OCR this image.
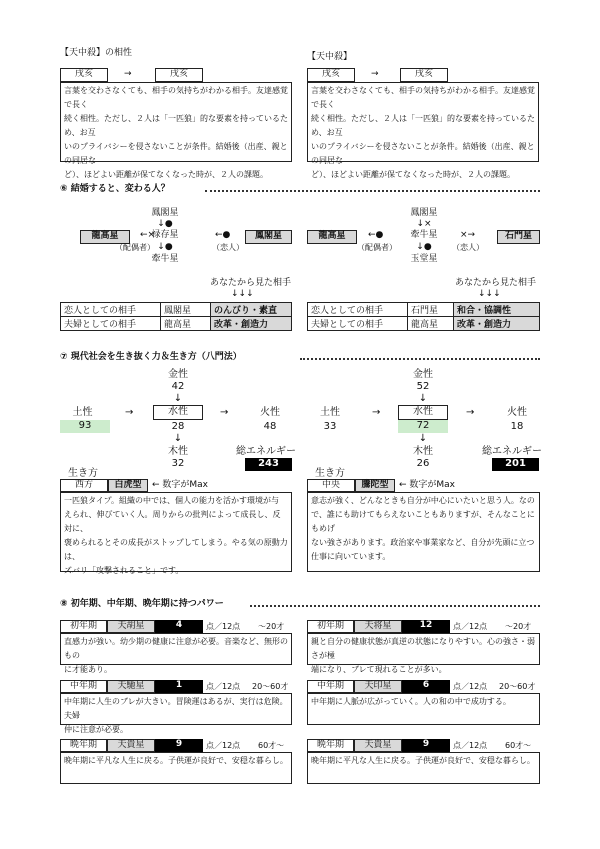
【天中殺】の相性
戌亥	→	戌亥
言葉を交わさなくても、相手の気持ちがわかる相手。友達感覚で長く
続く相性。ただし、２人は「一匹狼」的な要素を持っているため、お互
いのプライバシーを侵さないことが条件。結婚後（出産、親との同居な
ど）、ほどよい距離が保てなくなった時が、２人の課題。
【天中殺】
戌亥	→	戌亥
言葉を交わさなくても、相手の気持ちがわかる相手。友達感覚で長く
続く相性。ただし、２人は「一匹狼」的な要素を持っているため、お互
いのプライバシーを侵さないことが条件。結婚後（出産、親との同居な
ど）、ほどよい距離が保てなくなった時が、２人の課題。
⑥ 結婚すると、変わる人？
鳳閣星
↓●
禄存星
↓●
牽牛星
龍高星	←×
（配偶者）
←●
（恋人）
鳳閣星
あなたから見た相手
↓↓↓
恋人としての相手	鳳閣星	のんびり・素直
夫婦としての相手	龍高星	改革・創造力
鳳閣星
↓×
牽牛星
↓●
玉堂星
龍高星	←●
（配偶者）
×→
（恋人）
石門星
あなたから見た相手
↓↓↓
恋人としての相手	石門星	和合・協調性
夫婦としての相手	龍高星	改革・創造力
⑦ 現代社会を生き抜く力＆生き方（八門法）
金性
42
↓
土性
93
→	水性
28
→	火性
48
↓
木性
32
総エネルギー
243
生き方
西方	白虎型	← 数字がMax
一匹狼タイプ。組織の中では、個人の能力を活かす環境が与
えられ、伸びていく人。周りからの批判によって成長し、反対に、
褒められるとその成長がストップしてしまう。やる気の原動力は、
ズバリ「攻撃されること」です。
金性
52
↓
土性
33
→	水性
72
→	火性
18
↓
木性
26
総エネルギー
201
生き方
中央	騰陀型	← 数字がMax
意志が強く、どんなときも自分が中心にいたいと思う人。なの
で、誰にも助けてもらえないこともありますが、そんなことにもめげ
ない強さがあります。政治家や事業家など、自分が先頭に立つ
仕事に向いています。
⑧ 初年期、中年期、晩年期に持つパワー
初年期	天胡星	4	点／12点 〜20才
直感力が強い。幼少期の健康に注意が必要。音楽など、無形のもの
に才能あり。
中年期	天馳星	1	点／12点 20〜60才
中年期に人生のブレが大きい。冒険運はあるが、実行は危険。夫婦
仲に注意が必要。
晩年期	天貴星	9	点／12点 60才〜
晩年期に平凡な人生に戻る。子供運が良好で、安穏な暮らし。
初年期	天将星	12	点／12点 〜20才
親と自分の健康状態が真逆の状態になりやすい。心の強さ・弱さが極
端になり、ブレて現れることが多い。
中年期	天印星	6	点／12点 20〜60才
中年期に人脈が広がっていく。人の和の中で成功する。
晩年期	天貴星	9	点／12点 60才〜
晩年期に平凡な人生に戻る。子供運が良好で、安穏な暮らし。
